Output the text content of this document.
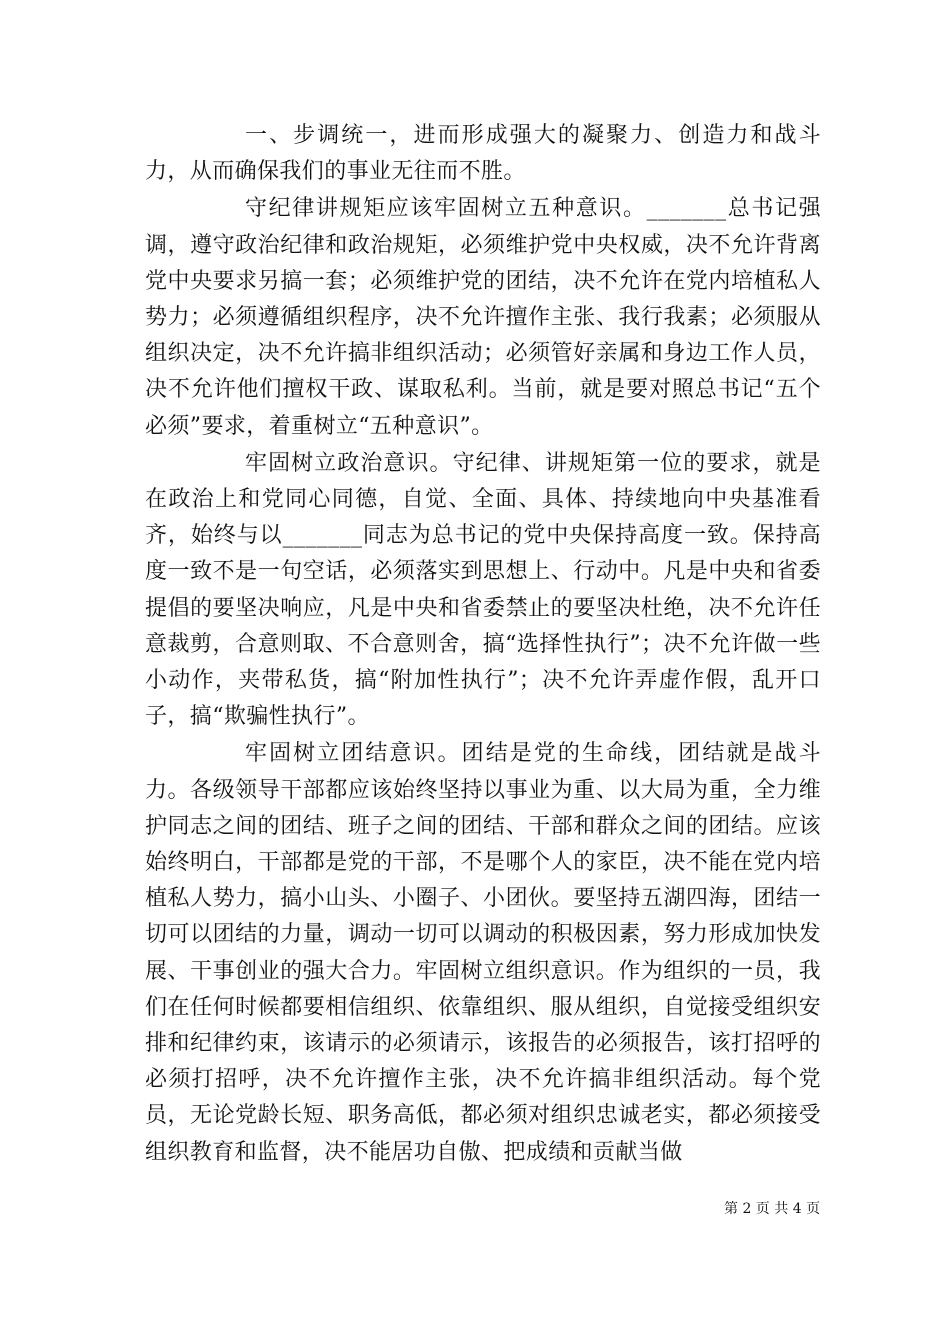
一、步调统一，进而形成强大的凝聚力、创造力和战斗力，从而确保我们的事业无往而不胜。

守纪律讲规矩应该牢固树立五种意识。_______总书记强调，遵守政治纪律和政治规矩，必须维护党中央权威，决不允许背离党中央要求另搞一套；必须维护党的团结，决不允许在党内培植私人势力；必须遵循组织程序，决不允许擅作主张、我行我素；必须服从组织决定，决不允许搞非组织活动；必须管好亲属和身边工作人员，决不允许他们擅权干政、谋取私利。当前，就是要对照总书记“五个必须”要求，着重树立“五种意识”。

牢固树立政治意识。守纪律、讲规矩第一位的要求，就是在政治上和党同心同德，自觉、全面、具体、持续地向中央基准看齐，始终与以_______同志为总书记的党中央保持高度一致。保持高度一致不是一句空话，必须落实到思想上、行动中。凡是中央和省委提倡的要坚决响应，凡是中央和省委禁止的要坚决杜绝，决不允许任意裁剪，合意则取、不合意则舍，搞“选择性执行”；决不允许做一些小动作，夹带私货，搞“附加性执行”；决不允许弄虚作假，乱开口子，搞“欺骗性执行”。

牢固树立团结意识。团结是党的生命线，团结就是战斗力。各级领导干部都应该始终坚持以事业为重、以大局为重，全力维护同志之间的团结、班子之间的团结、干部和群众之间的团结。应该始终明白，干部都是党的干部，不是哪个人的家臣，决不能在党内培植私人势力，搞小山头、小圈子、小团伙。要坚持五湖四海，团结一切可以团结的力量，调动一切可以调动的积极因素，努力形成加快发展、干事创业的强大合力。牢固树立组织意识。作为组织的一员，我们在任何时候都要相信组织、依靠组织、服从组织，自觉接受组织安排和纪律约束，该请示的必须请示，该报告的必须报告，该打招呼的必须打招呼，决不允许擅作主张，决不允许搞非组织活动。每个党员，无论党龄长短、职务高低，都必须对组织忠诚老实，都必须接受组织教育和监督，决不能居功自傲、把成绩和贡献当做

第 2 页 共 4 页
